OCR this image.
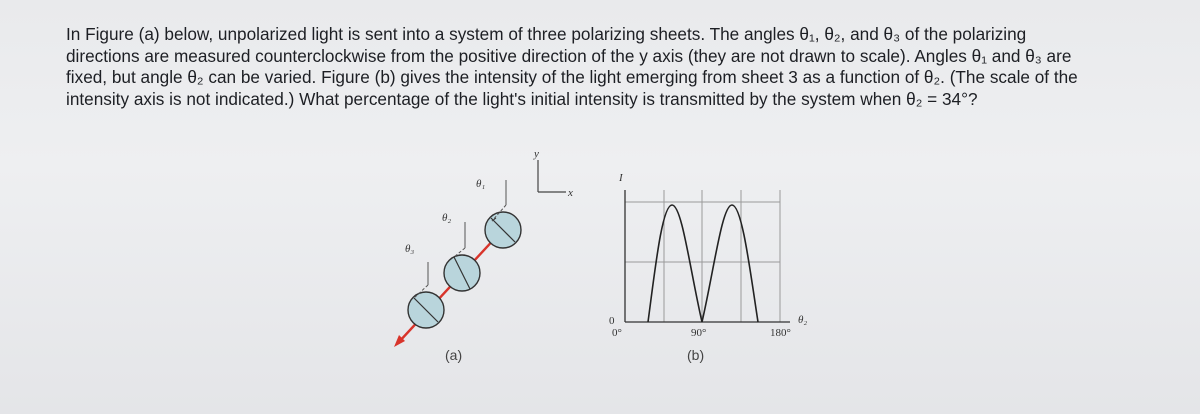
In Figure (a) below, unpolarized light is sent into a system of three polarizing sheets. The angles θ₁, θ₂, and θ₃ of the polarizing
directions are measured counterclockwise from the positive direction of the y axis (they are not drawn to scale). Angles θ₁ and θ₃ are
fixed, but angle θ₂ can be varied. Figure (b) gives the intensity of the light emerging from sheet 3 as a function of θ₂. (The scale of the
intensity axis is not indicated.) What percentage of the light's initial intensity is transmitted by the system when θ₂ = 34°?
y
x
θ₁
θ₂
θ₃
(a)
I
0
0°	90°	180°
θ₂
(b)
